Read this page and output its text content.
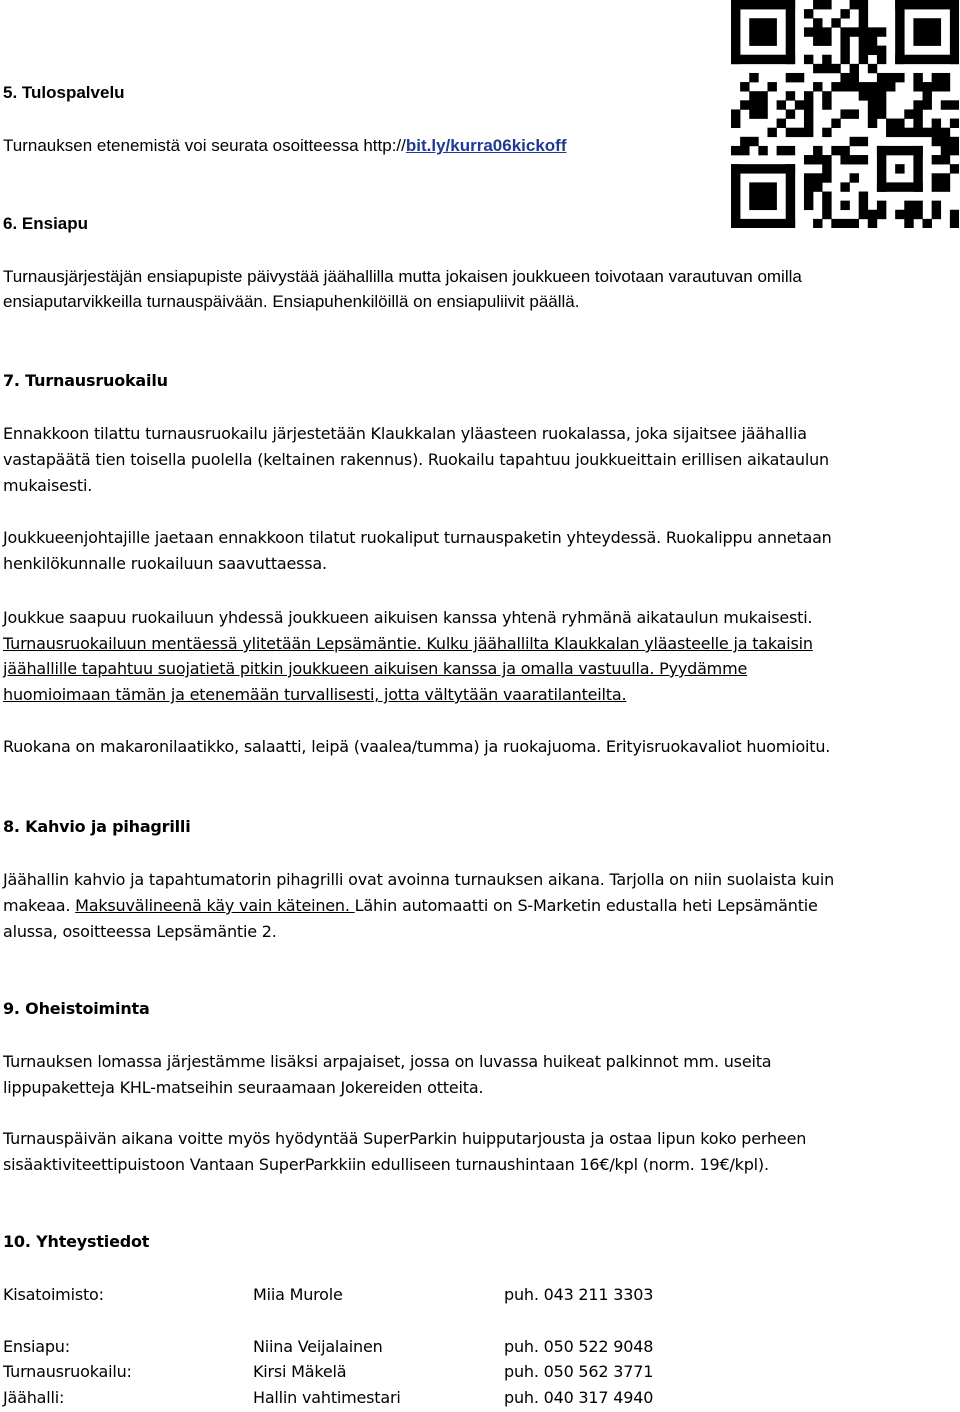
5. Tulospalvelu

Turnauksen etenemistä voi seurata osoitteessa http://bit.ly/kurra06kickoff

6. Ensiapu

Turnausjärjestäjän ensiapupiste päivystää jäähallilla mutta jokaisen joukkueen toivotaan varautuvan omilla

ensiaputarvikkeilla turnauspäivään. Ensiapuhenkilöillä on ensiapuliivit päällä.

7. Turnausruokailu

Ennakkoon tilattu turnausruokailu järjestetään Klaukkalan yläasteen ruokalassa, joka sijaitsee jäähallia

vastapäätä tien toisella puolella (keltainen rakennus). Ruokailu tapahtuu joukkueittain erillisen aikataulun

mukaisesti.

Joukkueenjohtajille jaetaan ennakkoon tilatut ruokaliput turnauspaketin yhteydessä. Ruokalippu annetaan

henkilökunnalle ruokailuun saavuttaessa.

Joukkue saapuu ruokailuun yhdessä joukkueen aikuisen kanssa yhtenä ryhmänä aikataulun mukaisesti.

Turnausruokailuun mentäessä ylitetään Lepsämäntie. Kulku jäähallilta Klaukkalan yläasteelle ja takaisin

jäähallille tapahtuu suojatietä pitkin joukkueen aikuisen kanssa ja omalla vastuulla. Pyydämme

huomioimaan tämän ja etenemään turvallisesti, jotta vältytään vaaratilanteilta.

Ruokana on makaronilaatikko, salaatti, leipä (vaalea/tumma) ja ruokajuoma. Erityisruokavaliot huomioitu.

8. Kahvio ja pihagrilli

Jäähallin kahvio ja tapahtumatorin pihagrilli ovat avoinna turnauksen aikana. Tarjolla on niin suolaista kuin

makeaa. Maksuvälineenä käy vain käteinen. Lähin automaatti on S-Marketin edustalla heti Lepsämäntie

alussa, osoitteessa Lepsämäntie 2.

9. Oheistoiminta

Turnauksen lomassa järjestämme lisäksi arpajaiset, jossa on luvassa huikeat palkinnot mm. useita

lippupaketteja KHL-matseihin seuraamaan Jokereiden otteita.

Turnauspäivän aikana voitte myös hyödyntää SuperParkin huipputarjousta ja ostaa lipun koko perheen

sisäaktiviteettipuistoon Vantaan SuperParkkiin edulliseen turnaushintaan 16€/kpl (norm. 19€/kpl).

10. Yhteystiedot

Kisatoimisto:	Miia Murole	puh. 043 211 3303
Ensiapu:	Niina Veijalainen	puh. 050 522 9048
Turnausruokailu:	Kirsi Mäkelä	puh. 050 562 3771
Jäähalli:	Hallin vahtimestari	puh. 040 317 4940
